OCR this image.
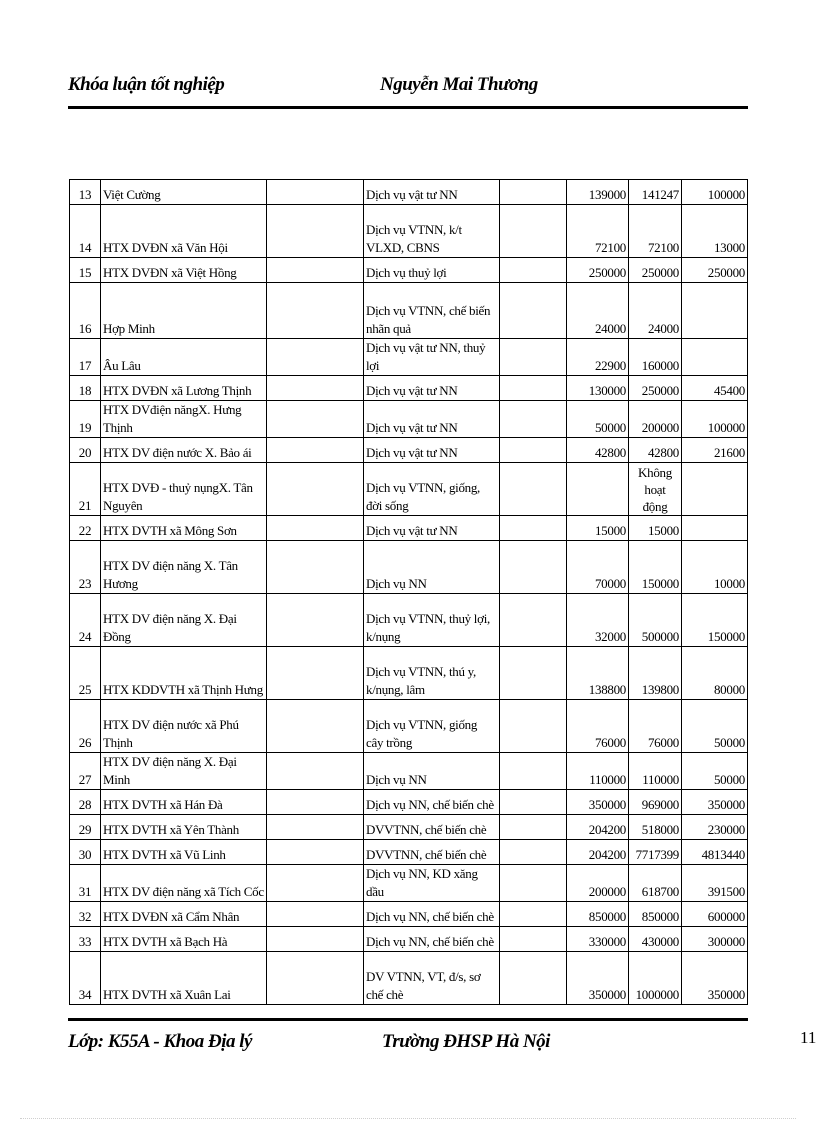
Khóa luận tốt nghiệp	Nguyễn Mai Thương
13	Việt Cường		Dịch vụ vật tư NN		139000	141247	100000
14	HTX DVĐN xã Văn Hội		Dịch vụ VTNN, k/t VLXD, CBNS		72100	72100	13000
15	HTX DVĐN xã Việt Hồng		Dịch vụ thuỷ lợi		250000	250000	250000
16	Hợp Minh		Dịch vụ VTNN, chế biến nhãn quả		24000	24000	
17	Âu Lâu		Dịch vụ vật tư NN, thuỷ lợi		22900	160000	
18	HTX DVĐN xã Lương Thịnh		Dịch vụ vật tư NN		130000	250000	45400
19	HTX DVđiện năngX. Hưng Thịnh		Dịch vụ vật tư NN		50000	200000	100000
20	HTX DV điện nước X. Bảo ái		Dịch vụ vật tư NN		42800	42800	21600
21	HTX DVĐ - thuỷ nụngX. Tân Nguyên		Dịch vụ VTNN, giống, đời sống			Không hoạt động	
22	HTX DVTH xã Mông Sơn		Dịch vụ vật tư NN		15000	15000	
23	HTX DV điện năng X. Tân Hương		Dịch vụ NN		70000	150000	10000
24	HTX DV điện năng X. Đại Đồng		Dịch vụ VTNN, thuỷ lợi, k/nụng		32000	500000	150000
25	HTX KDDVTH xã Thịnh Hưng		Dịch vụ VTNN, thú y, k/nụng, lâm		138800	139800	80000
26	HTX DV điện nước xã Phú Thịnh		Dịch vụ VTNN, giống cây trồng		76000	76000	50000
27	HTX DV điện năng X. Đại Minh		Dịch vụ NN		110000	110000	50000
28	HTX DVTH xã Hán Đà		Dịch vụ NN, chế biến chè		350000	969000	350000
29	HTX DVTH xã Yên Thành		DVVTNN, chế biến chè		204200	518000	230000
30	HTX DVTH xã Vũ Linh		DVVTNN, chế biến chè		204200	7717399	4813440
31	HTX DV điện năng xã Tích Cốc		Dịch vụ NN, KD xăng dầu		200000	618700	391500
32	HTX DVĐN xã Cẩm Nhân		Dịch vụ NN, chế biến chè		850000	850000	600000
33	HTX DVTH xã Bạch Hà		Dịch vụ NN, chế biến chè		330000	430000	300000
34	HTX DVTH xã Xuân Lai		DV VTNN, VT, đ/s, sơ chế chè		350000	1000000	350000
Lớp: K55A - Khoa Địa lý	Trường ĐHSP Hà Nội	11
